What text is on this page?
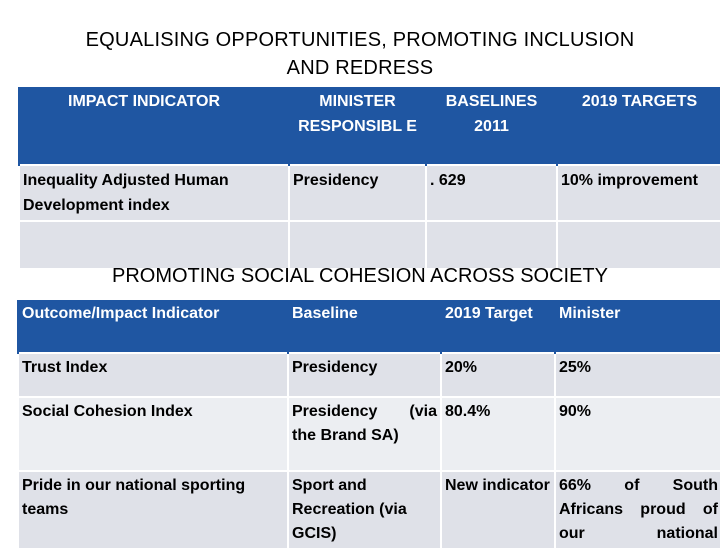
EQUALISING OPPORTUNITIES, PROMOTING INCLUSION
AND REDRESS
IMPACT INDICATOR	MINISTER RESPONSIBL E	BASELINES 2011	2019 TARGETS
Inequality Adjusted Human Development index	Presidency	. 629	10% improvement

PROMOTING SOCIAL COHESION ACROSS SOCIETY
Outcome/Impact Indicator	Baseline	2019 Target	Minister
Trust Index	Presidency	20%	25%
Social Cohesion Index	Presidency (via the Brand SA)	80.4%	90%
Pride in our national sporting teams	Sport and Recreation (via GCIS)	New indicator	66% of South Africans proud of our national
